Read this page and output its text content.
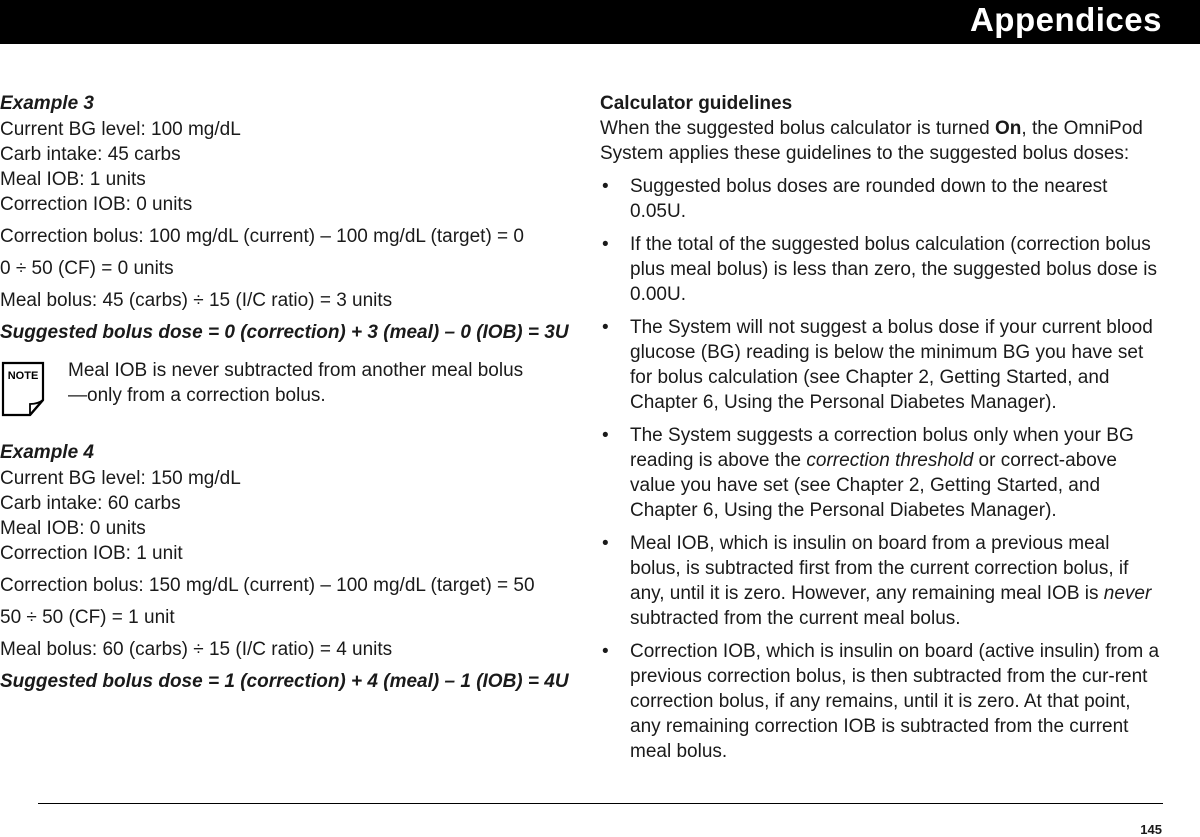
Appendices
Example 3
Current BG level: 100 mg/dL
Carb intake: 45 carbs
Meal IOB: 1 units
Correction IOB: 0 units
Correction bolus: 100 mg/dL (current) – 100 mg/dL (target) = 0
0 ÷ 50 (CF) = 0 units
Meal bolus: 45 (carbs) ÷ 15 (I/C ratio) = 3 units
Suggested bolus dose = 0 (correction) + 3 (meal) – 0 (IOB) = 3U
NOTE Meal IOB is never subtracted from another meal bolus—only from a correction bolus.
Example 4
Current BG level: 150 mg/dL
Carb intake: 60 carbs
Meal IOB: 0 units
Correction IOB: 1 unit
Correction bolus: 150 mg/dL (current) – 100 mg/dL (target) = 50
50 ÷ 50 (CF) = 1 unit
Meal bolus: 60 (carbs) ÷ 15 (I/C ratio) = 4 units
Suggested bolus dose = 1 (correction) + 4 (meal) – 1 (IOB) = 4U
Calculator guidelines
When the suggested bolus calculator is turned On, the OmniPod System applies these guidelines to the suggested bolus doses:
• Suggested bolus doses are rounded down to the nearest 0.05U.
• If the total of the suggested bolus calculation (correction bolus plus meal bolus) is less than zero, the suggested bolus dose is 0.00U.
• The System will not suggest a bolus dose if your current blood glucose (BG) reading is below the minimum BG you have set for bolus calculation (see Chapter 2, Getting Started, and Chapter 6, Using the Personal Diabetes Manager).
• The System suggests a correction bolus only when your BG reading is above the correction threshold or correct-above value you have set (see Chapter 2, Getting Started, and Chapter 6, Using the Personal Diabetes Manager).
• Meal IOB, which is insulin on board from a previous meal bolus, is subtracted first from the current correction bolus, if any, until it is zero. However, any remaining meal IOB is never subtracted from the current meal bolus.
• Correction IOB, which is insulin on board (active insulin) from a previous correction bolus, is then subtracted from the cur-rent correction bolus, if any remains, until it is zero. At that point, any remaining correction IOB is subtracted from the current meal bolus.
145
